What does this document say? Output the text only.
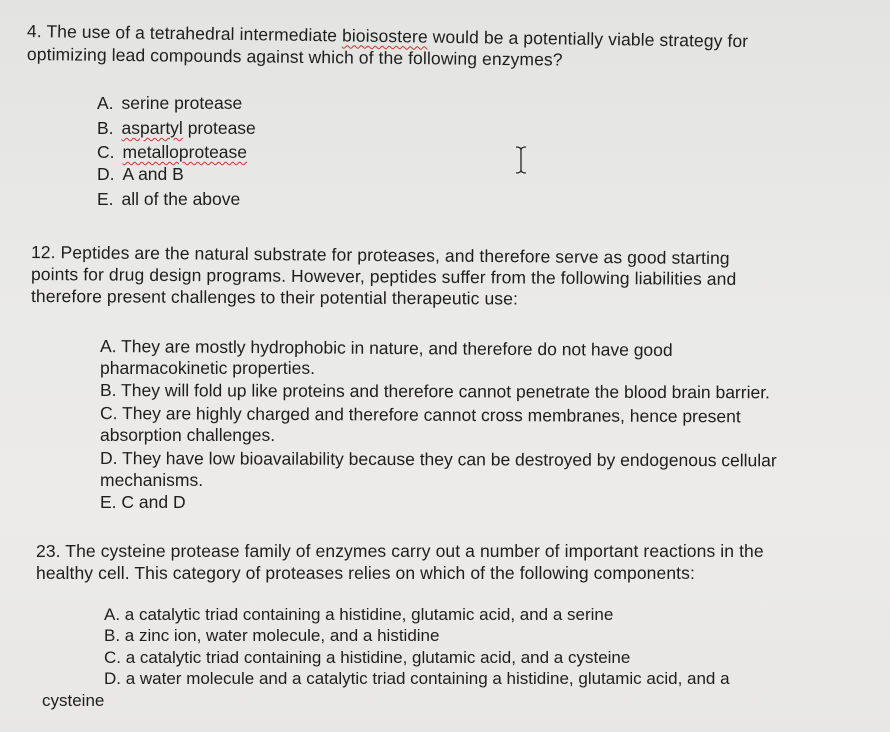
4. The use of a tetrahedral intermediate bioisostere would be a potentially viable strategy for
optimizing lead compounds against which of the following enzymes?
A. serine protease
B. aspartyl protease
C. metalloprotease
D. A and B
E. all of the above
12. Peptides are the natural substrate for proteases, and therefore serve as good starting
points for drug design programs. However, peptides suffer from the following liabilities and
therefore present challenges to their potential therapeutic use:
A. They are mostly hydrophobic in nature, and therefore do not have good
pharmacokinetic properties.
B. They will fold up like proteins and therefore cannot penetrate the blood brain barrier.
C. They are highly charged and therefore cannot cross membranes, hence present
absorption challenges.
D. They have low bioavailability because they can be destroyed by endogenous cellular
mechanisms.
E. C and D
23. The cysteine protease family of enzymes carry out a number of important reactions in the
healthy cell. This category of proteases relies on which of the following components:
A. a catalytic triad containing a histidine, glutamic acid, and a serine
B. a zinc ion, water molecule, and a histidine
C. a catalytic triad containing a histidine, glutamic acid, and a cysteine
D. a water molecule and a catalytic triad containing a histidine, glutamic acid, and a
cysteine
